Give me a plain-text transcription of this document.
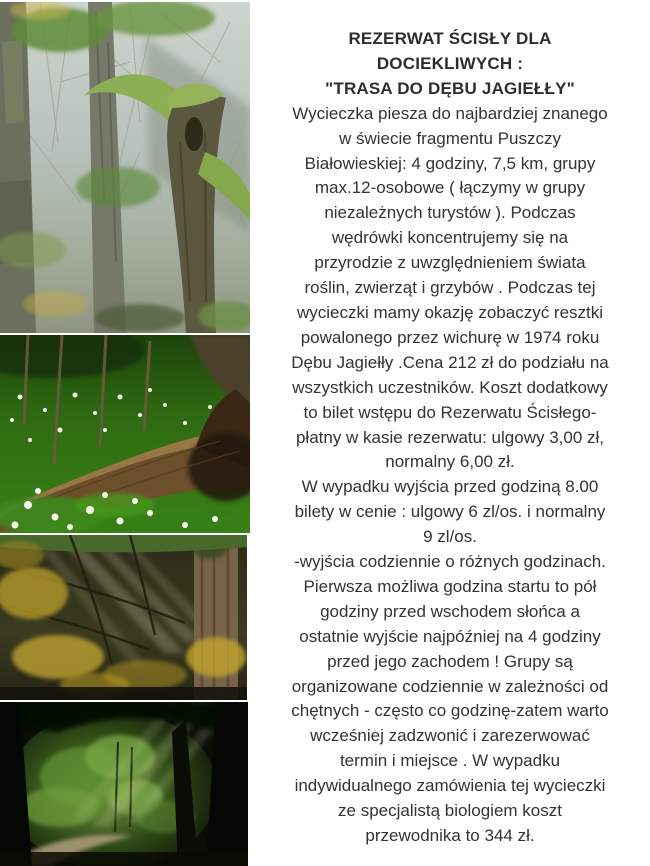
REZERWAT ŚCISŁY DLA
DOCIEKLIWYCH :
"TRASA DO DĘBU JAGIEŁŁY"
Wycieczka piesza do najbardziej znanego
w świecie fragmentu Puszczy
Białowieskiej: 4 godziny, 7,5 km, grupy
max.12-osobowe ( łączymy w grupy
niezależnych turystów ). Podczas
wędrówki koncentrujemy się na
przyrodzie z uwzględnieniem świata
roślin, zwierząt i grzybów . Podczas tej
wycieczki mamy okazję zobaczyć resztki
powalonego przez wichurę w 1974 roku
Dębu Jagiełły .Cena 212 zł do podziału na
wszystkich uczestników. Koszt dodatkowy
to bilet wstępu do Rezerwatu Ścisłego-
płatny w kasie rezerwatu: ulgowy 3,00 zł,
normalny 6,00 zł.
W wypadku wyjścia przed godziną 8.00
bilety w cenie : ulgowy 6 zl/os. i normalny
9 zl/os.
-wyjścia codziennie o różnych godzinach.
Pierwsza możliwa godzina startu to pół
godziny przed wschodem słońca a
ostatnie wyjście najpóźniej na 4 godziny
przed jego zachodem ! Grupy są
organizowane codziennie w zależności od
chętnych - często co godzinę-zatem warto
wcześniej zadzwonić i zarezerwować
termin i miejsce . W wypadku
indywidualnego zamówienia tej wycieczki
ze specjalistą biologiem koszt
przewodnika to 344 zł.
